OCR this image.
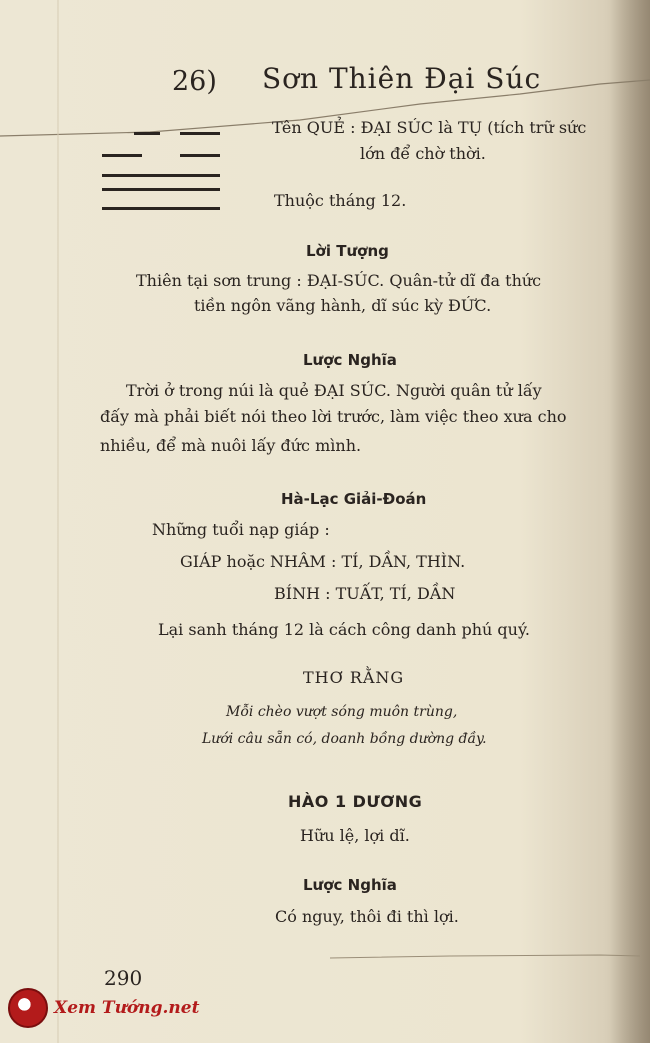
26) Sơn Thiên Đại Súc
Tên QUẺ : ĐẠI SÚC là TỤ (tích trữ sức
lớn để chờ thời.
Thuộc tháng 12.
Lời Tượng
Thiên tại sơn trung : ĐẠI-SÚC. Quân-tử dĩ đa thức
tiền ngôn vãng hành, dĩ súc kỳ ĐỨC.
Lược Nghĩa
Trời ở trong núi là quẻ ĐẠI SÚC. Người quân tử lấy
đấy mà phải biết nói theo lời trước, làm việc theo xưa cho
nhiều, để mà nuôi lấy đức mình.
Hà-Lạc Giải-Đoán
Những tuổi nạp giáp :
GIÁP hoặc NHÂM : TÍ, DẦN, THÌN.
BÍNH : TUẤT, TÍ, DẦN
Lại sanh tháng 12 là cách công danh phú quý.
THƠ RẰNG
Mỗi chèo vượt sóng muôn trùng,
Lưới câu sẵn có, doanh bồng dường đầy.
HÀO 1 DƯƠNG
Hữu lệ, lợi dĩ.
Lược Nghĩa
Có nguy, thôi đi thì lợi.
290
Xem Tướng.net
